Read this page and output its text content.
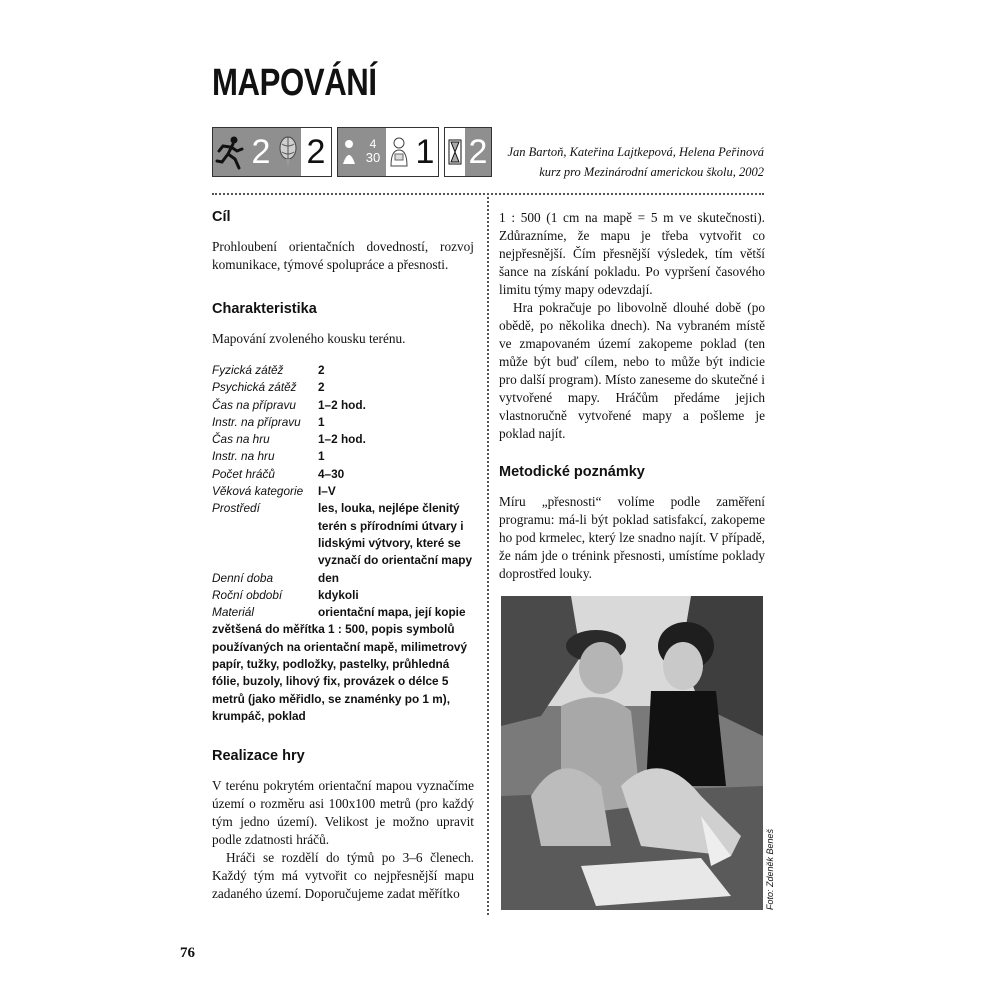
MAPOVÁNÍ
2 2	4
30 1 2 Jan Bartoň, Kateřina Lajtkepová, Helena Peřinová
kurz pro Mezinárodní americkou školu, 2002
Cíl

Prohloubení orientačních dovedností, rozvoj komunikace, týmové spolupráce a přesnosti.

Charakteristika

Mapování zvoleného kousku terénu.

Fyzická zátěž	2
Psychická zátěž	2
Čas na přípravu	1–2 hod.
Instr. na přípravu	1
Čas na hru	1–2 hod.
Instr. na hru	1
Počet hráčů	4–30
Věková kategorie	I–V
Prostředí	les, louka, nejlépe členitý terén s přírodními útvary i lidskými výtvory, které se vyznačí do orientační mapy
Denní doba	den
Roční období	kdykoli
Materiál	orientační mapa, její kopie
zvětšená do měřítka 1 : 500, popis symbolů používaných na orientační mapě, milimetrový papír, tužky, podložky, pastelky, průhledná fólie, buzoly, lihový fix, provázek o délce 5 metrů (jako měřidlo, se znaménky po 1 m), krumpáč, poklad
Realizace hry

V terénu pokrytém orientační mapou vyznačíme území o rozměru asi 100x100 metrů (pro každý tým jedno území). Velikost je možno upravit podle zdatnosti hráčů.

Hráči se rozdělí do týmů po 3–6 členech. Každý tým má vytvořit co nejpřesnější mapu zadaného území. Doporučujeme zadat měřítko

1 : 500 (1 cm na mapě = 5 m ve skutečnosti). Zdůrazníme, že mapu je třeba vytvořit co nejpřesnější. Čím přesnější výsledek, tím větší šance na získání pokladu. Po vypršení časového limitu týmy mapy odevzdají.

Hra pokračuje po libovolně dlouhé době (po obědě, po několika dnech). Na vybraném místě ve zmapovaném území zakopeme poklad (ten může být buď cílem, nebo to může být indicie pro další program). Místo zaneseme do skutečné i vytvořené mapy. Hráčům předáme jejich vlastnoručně vytvořené mapy a pošleme je poklad najít.

Metodické poznámky

Míru „přesnosti“ volíme podle zaměření programu: má-li být poklad satisfakcí, zakopeme ho pod krmelec, který lze snadno najít. V případě, že nám jde o trénink přesnosti, umístíme poklady doprostřed louky.

Foto: Zdeněk Beneš
76
